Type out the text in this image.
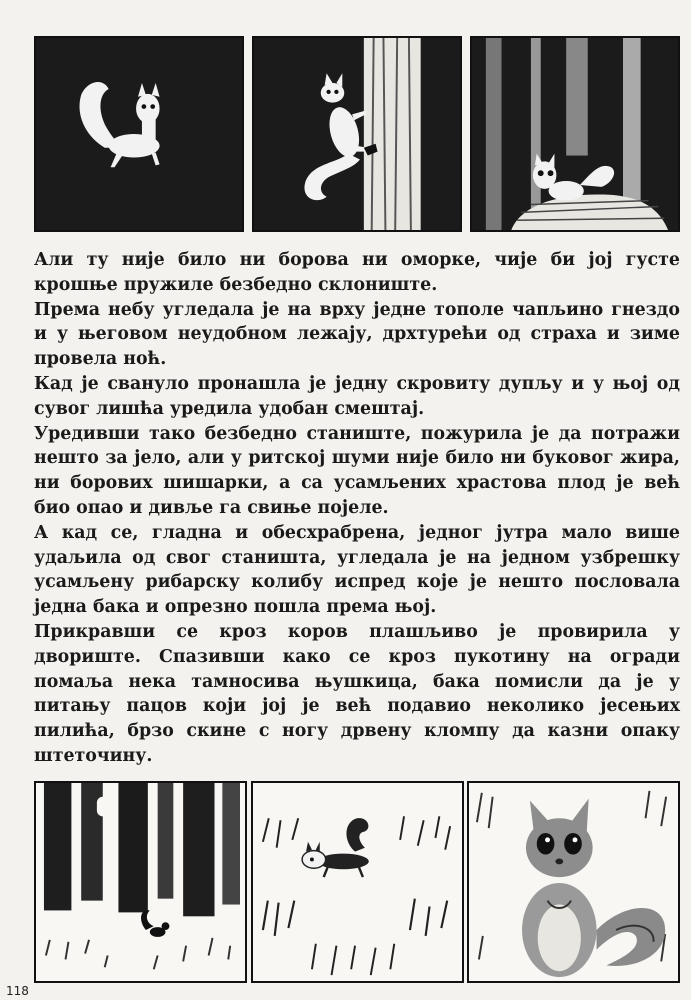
Али ту није било ни борова ни оморке, чије би јој густе крошње пружиле безбедно склониште.

Према небу угледала је на врху једне тополе чапљино гнездо и у његовом неудобном лежају, дрхтурећи од страха и зиме провела ноћ.

Кад је свануло пронашла је једну скровиту дупљу и у њој од сувог лишћа уредила удобан смештај.

Уредивши тако безбедно станиште, пожурила је да потражи нешто за јело, али у ритској шуми није било ни буковог жира, ни борових шишарки, а са усамљених храстова плод је већ био опао и дивље га свиње појеле.

А кад се, гладна и обесхрабрена, једног јутра мало више удаљила од свог станишта, угледала је на једном узбрешку усамљену рибарску колибу испред које је нешто пословала једна бака и опрезно пошла према њој.

Прикравши се кроз коров плашљиво је провирила у двориште. Спазивши како се кроз пукотину на огради помаља нека тамносива њушкица, бака помисли да је у питању пацов који јој је већ подавио неколико јесењих пилића, брзо скине с ногу дрвену кломпу да казни опаку штеточину.

118
